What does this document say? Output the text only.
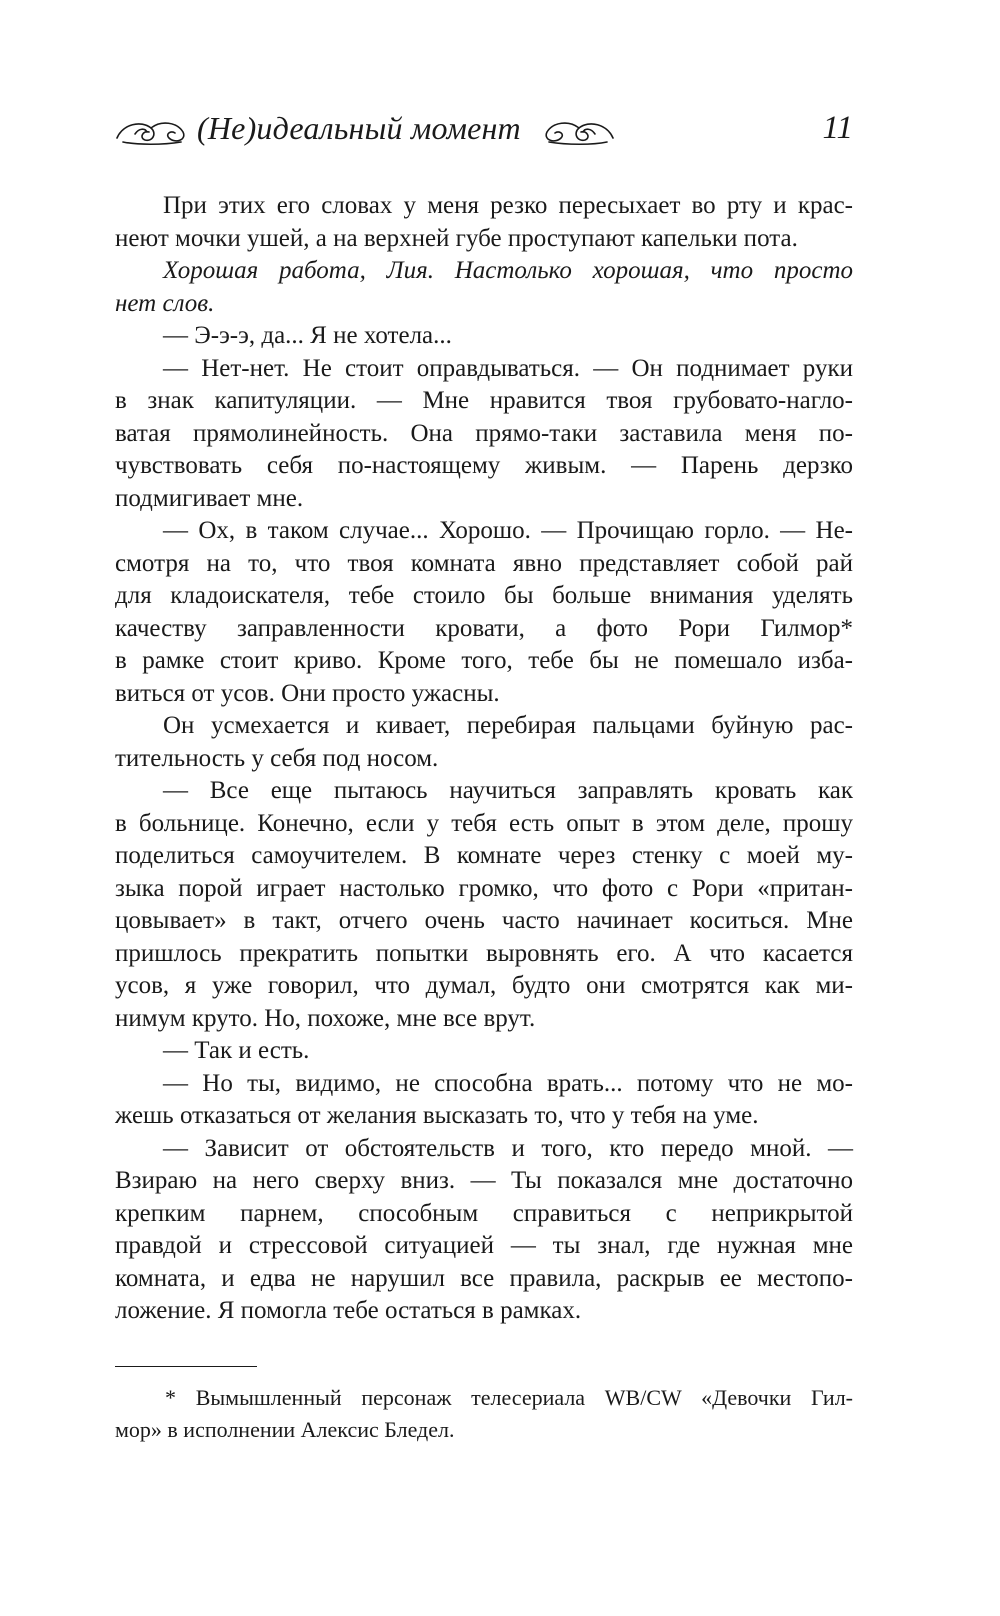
(Не)идеальный момент	11
При этих его словах у меня резко пересыхает во рту и крас-
неют мочки ушей, а на верхней губе проступают капельки пота.
Хорошая работа, Лия. Настолько хорошая, что просто
нет слов.
— Э-э-э, да... Я не хотела...
— Нет-нет. Не стоит оправдываться. — Он поднимает руки
в знак капитуляции. — Мне нравится твоя грубовато-нагло-
ватая прямолинейность. Она прямо-таки заставила меня по-
чувствовать себя по-настоящему живым. — Парень дерзко
подмигивает мне.
— Ох, в таком случае... Хорошо. — Прочищаю горло. — Не-
смотря на то, что твоя комната явно представляет собой рай
для кладоискателя, тебе стоило бы больше внимания уделять
качеству заправленности кровати, а фото Рори Гилмор*
в рамке стоит криво. Кроме того, тебе бы не помешало изба-
виться от усов. Они просто ужасны.
Он усмехается и кивает, перебирая пальцами буйную рас-
тительность у себя под носом.
— Все еще пытаюсь научиться заправлять кровать как
в больнице. Конечно, если у тебя есть опыт в этом деле, прошу
поделиться самоучителем. В комнате через стенку с моей му-
зыка порой играет настолько громко, что фото с Рори «притан-
цовывает» в такт, отчего очень часто начинает коситься. Мне
пришлось прекратить попытки выровнять его. А что касается
усов, я уже говорил, что думал, будто они смотрятся как ми-
нимум круто. Но, похоже, мне все врут.
— Так и есть.
— Но ты, видимо, не способна врать... потому что не мо-
жешь отказаться от желания высказать то, что у тебя на уме.
— Зависит от обстоятельств и того, кто передо мной. —
Взираю на него сверху вниз. — Ты показался мне достаточно
крепким парнем, способным справиться с неприкрытой
правдой и стрессовой ситуацией — ты знал, где нужная мне
комната, и едва не нарушил все правила, раскрыв ее местопо-
ложение. Я помогла тебе остаться в рамках.
* Вымышленный персонаж телесериала WB/CW «Девочки Гил-
мор» в исполнении Алексис Бледел.
